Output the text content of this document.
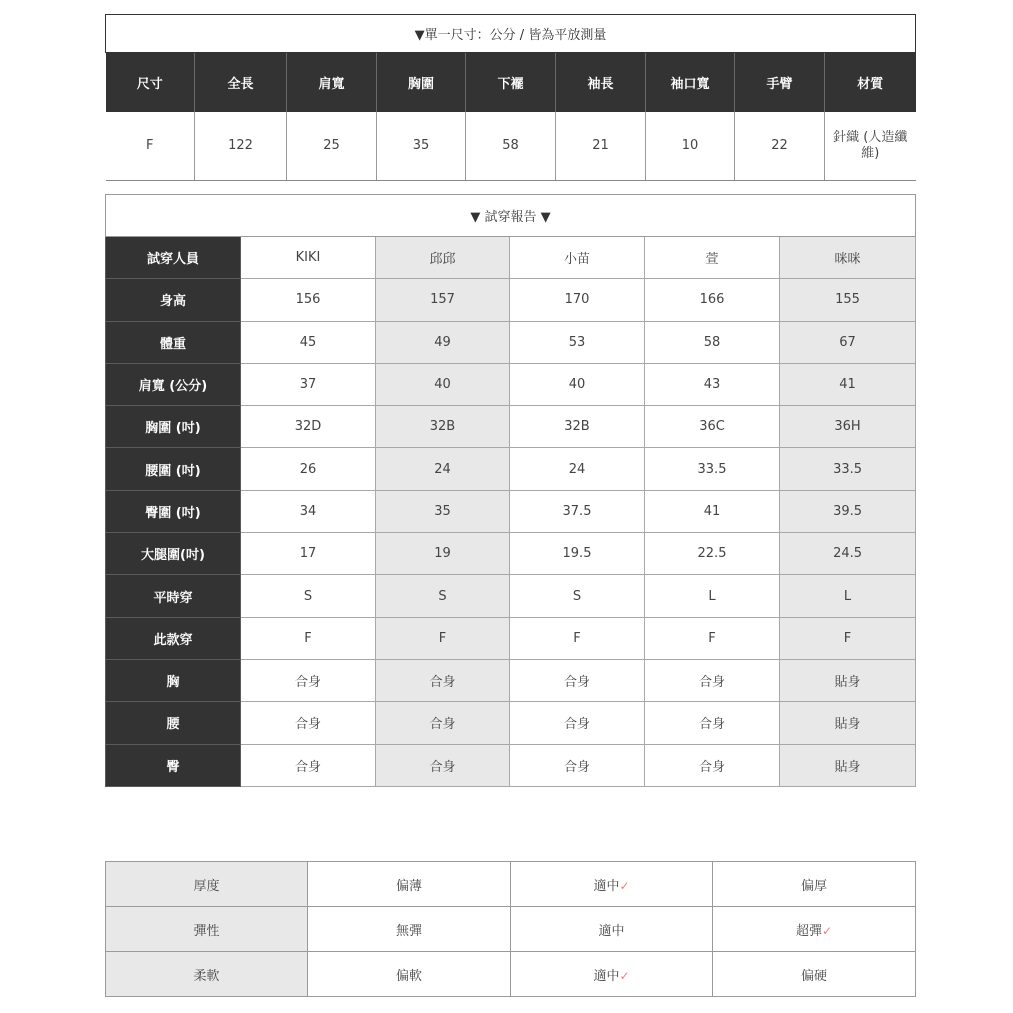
▼單一尺寸：公分 / 皆為平放測量								
尺寸	全長	肩寬	胸圍	下襬	袖長	袖口寬	手臂	材質
F	122	25	35	58	21	10	22	針織 (人造纖維)
▼ 試穿報告 ▼					
試穿人員	KIKI	邱邱	小苗	萱	咪咪
身高	156	157	170	166	155
體重	45	49	53	58	67
肩寬 (公分)	37	40	40	43	41
胸圍 (吋)	32D	32B	32B	36C	36H
腰圍 (吋)	26	24	24	33.5	33.5
臀圍 (吋)	34	35	37.5	41	39.5
大腿圍(吋)	17	19	19.5	22.5	24.5
平時穿	S	S	S	L	L
此款穿	F	F	F	F	F
胸	合身	合身	合身	合身	貼身
腰	合身	合身	合身	合身	貼身
臀	合身	合身	合身	合身	貼身
厚度	偏薄	適中✓	偏厚
彈性	無彈	適中	超彈✓
柔軟	偏軟	適中✓	偏硬
